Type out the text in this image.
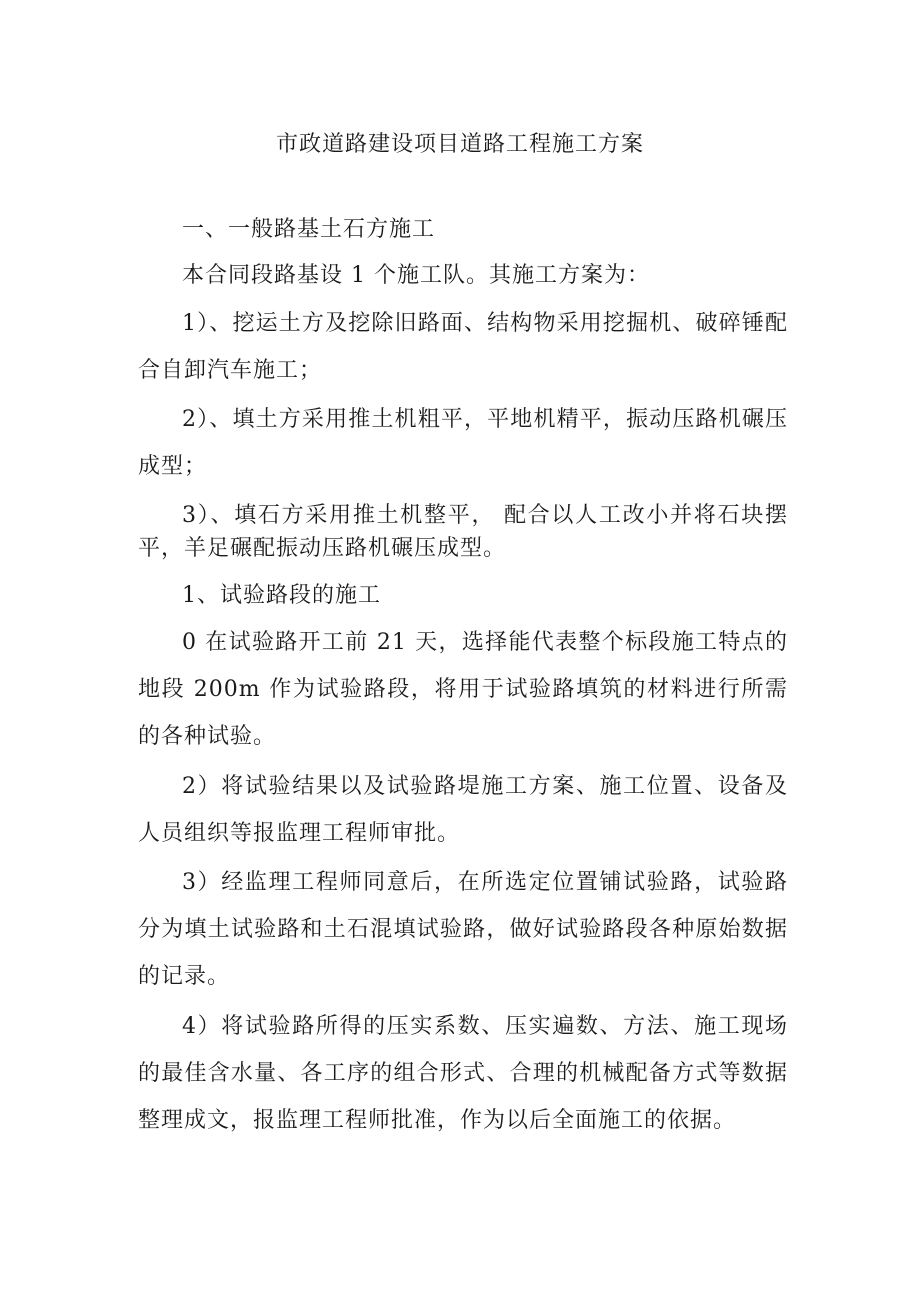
市政道路建设项目道路工程施工方案

一、一般路基土石方施工

本合同段路基设 1 个施工队。其施工方案为：

1）、挖运土方及挖除旧路面、结构物采用挖掘机、破碎锤配合自卸汽车施工；

2）、填土方采用推土机粗平，平地机精平，振动压路机碾压成型；

3）、填石方采用推土机整平， 配合以人工改小并将石块摆平，羊足碾配振动压路机碾压成型。

1、试验路段的施工

0 在试验路开工前 21 天，选择能代表整个标段施工特点的地段 200m 作为试验路段，将用于试验路填筑的材料进行所需的各种试验。

2）将试验结果以及试验路堤施工方案、施工位置、设备及人员组织等报监理工程师审批。

3）经监理工程师同意后，在所选定位置铺试验路，试验路分为填土试验路和土石混填试验路，做好试验路段各种原始数据的记录。

4）将试验路所得的压实系数、压实遍数、方法、施工现场的最佳含水量、各工序的组合形式、合理的机械配备方式等数据整理成文，报监理工程师批准，作为以后全面施工的依据。
